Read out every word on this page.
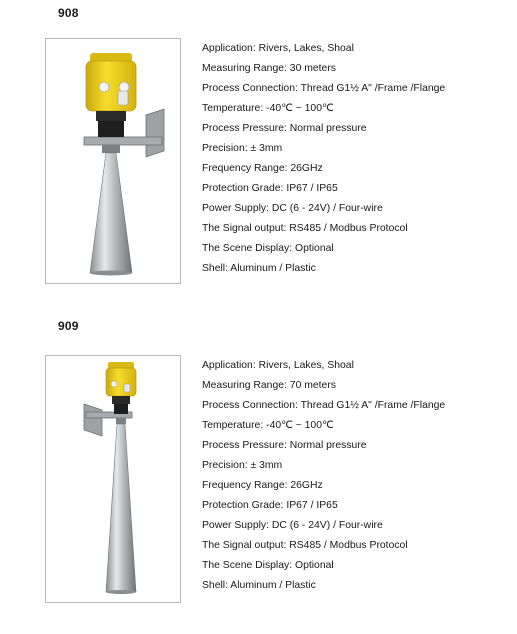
908
Application: Rivers, Lakes, Shoal
Measuring Range: 30 meters
Process Connection: Thread G1½ A" /Frame /Flange
Temperature: -40℃ ~ 100℃
Process Pressure: Normal pressure
Precision: ± 3mm
Frequency Range: 26GHz
Protection Grade: IP67 / IP65
Power Supply: DC (6 - 24V) / Four-wire
The Signal output: RS485 / Modbus Protocol
The Scene Display: Optional
Shell: Aluminum / Plastic
909
Application: Rivers, Lakes, Shoal
Measuring Range: 70 meters
Process Connection: Thread G1½ A" /Frame /Flange
Temperature: -40℃ ~ 100℃
Process Pressure: Normal pressure
Precision: ± 3mm
Frequency Range: 26GHz
Protection Grade: IP67 / IP65
Power Supply: DC (6 - 24V) / Four-wire
The Signal output: RS485 / Modbus Protocol
The Scene Display: Optional
Shell: Aluminum / Plastic
